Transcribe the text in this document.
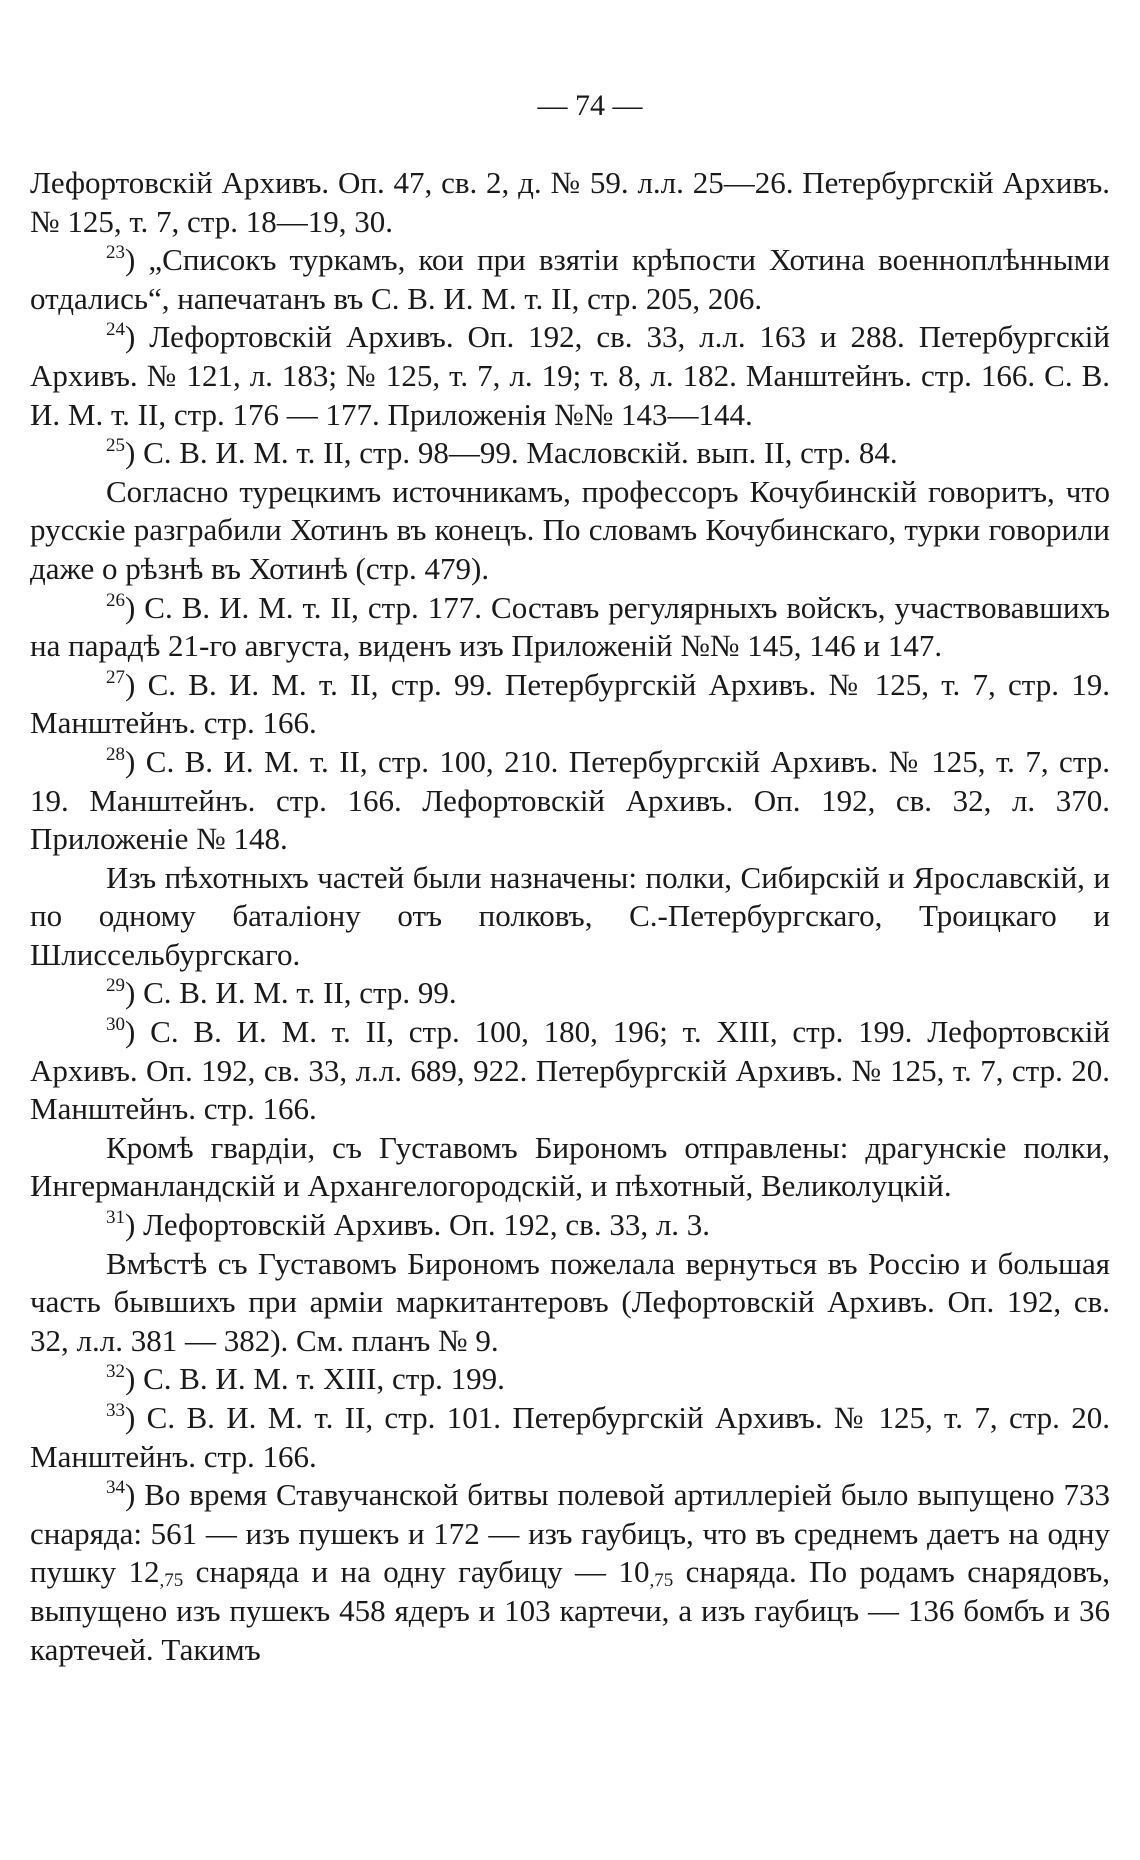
— 74 —

Лефортовскій Архивъ. Оп. 47, св. 2, д. № 59. л.л. 25—26. Петербургскій Архивъ. № 125, т. 7, стр. 18—19, 30.

$^{23}$) „Списокъ туркамъ, кои при взятіи крѣпости Хотина военноплѣнными отдались“, напечатанъ въ С. В. И. М. т. II, стр. 205, 206.

$^{24}$) Лефортовскій Архивъ. Оп. 192, св. 33, л.л. 163 и 288. Петербургскій Архивъ. № 121, л. 183; № 125, т. 7, л. 19; т. 8, л. 182. Манштейнъ. стр. 166. С. В. И. М. т. II, стр. 176 — 177. Приложенія №№ 143—144.

$^{25}$) С. В. И. М. т. II, стр. 98—99. Масловскій. вып. II, стр. 84.

Согласно турецкимъ источникамъ, профессоръ Кочубинскій говоритъ, что русскіе разграбили Хотинъ въ конецъ. По словамъ Кочубинскаго, турки говорили даже о рѣзнѣ въ Хотинѣ (стр. 479).

$^{26}$) С. В. И. М. т. II, стр. 177. Составъ регулярныхъ войскъ, участвовавшихъ на парадѣ 21-го августа, виденъ изъ Приложеній №№ 145, 146 и 147.

$^{27}$) С. В. И. М. т. II, стр. 99. Петербургскій Архивъ. № 125, т. 7, стр. 19. Манштейнъ. стр. 166.

$^{28}$) С. В. И. М. т. II, стр. 100, 210. Петербургскій Архивъ. № 125, т. 7, стр. 19. Манштейнъ. стр. 166. Лефортовскій Архивъ. Оп. 192, св. 32, л. 370. Приложеніе № 148.

Изъ пѣхотныхъ частей были назначены: полки, Сибирскій и Ярославскій, и по одному баталіону отъ полковъ, С.-Петербургскаго, Троицкаго и Шлиссельбургскаго.

$^{29}$) С. В. И. М. т. II, стр. 99.

$^{30}$) С. В. И. М. т. II, стр. 100, 180, 196; т. XIII, стр. 199. Лефортовскій Архивъ. Оп. 192, св. 33, л.л. 689, 922. Петербургскій Архивъ. № 125, т. 7, стр. 20. Манштейнъ. стр. 166.

Кромѣ гвардіи, съ Густавомъ Бирономъ отправлены: драгунскіе полки, Ингерманландскій и Архангелогородскій, и пѣхотный, Великолуцкій.

$^{31}$) Лефортовскій Архивъ. Оп. 192, св. 33, л. 3.

Вмѣстѣ съ Густавомъ Бирономъ пожелала вернуться въ Россію и большая часть бывшихъ при арміи маркитантеровъ (Лефортовскій Архивъ. Оп. 192, св. 32, л.л. 381 — 382). См. планъ № 9.

$^{32}$) С. В. И. М. т. XIII, стр. 199.

$^{33}$) С. В. И. М. т. II, стр. 101. Петербургскій Архивъ. № 125, т. 7, стр. 20. Манштейнъ. стр. 166.

$^{34}$) Во время Ставучанской битвы полевой артиллеріей было выпущено 733 снаряда: 561 — изъ пушекъ и 172 — изъ гаубицъ, что въ среднемъ даетъ на одну пушку $12_{,75}$ снаряда и на одну гаубицу — $10_{,75}$ снаряда. По родамъ снарядовъ, выпущено изъ пушекъ 458 ядеръ и 103 картечи, а изъ гаубицъ — 136 бомбъ и 36 картечей. Такимъ
